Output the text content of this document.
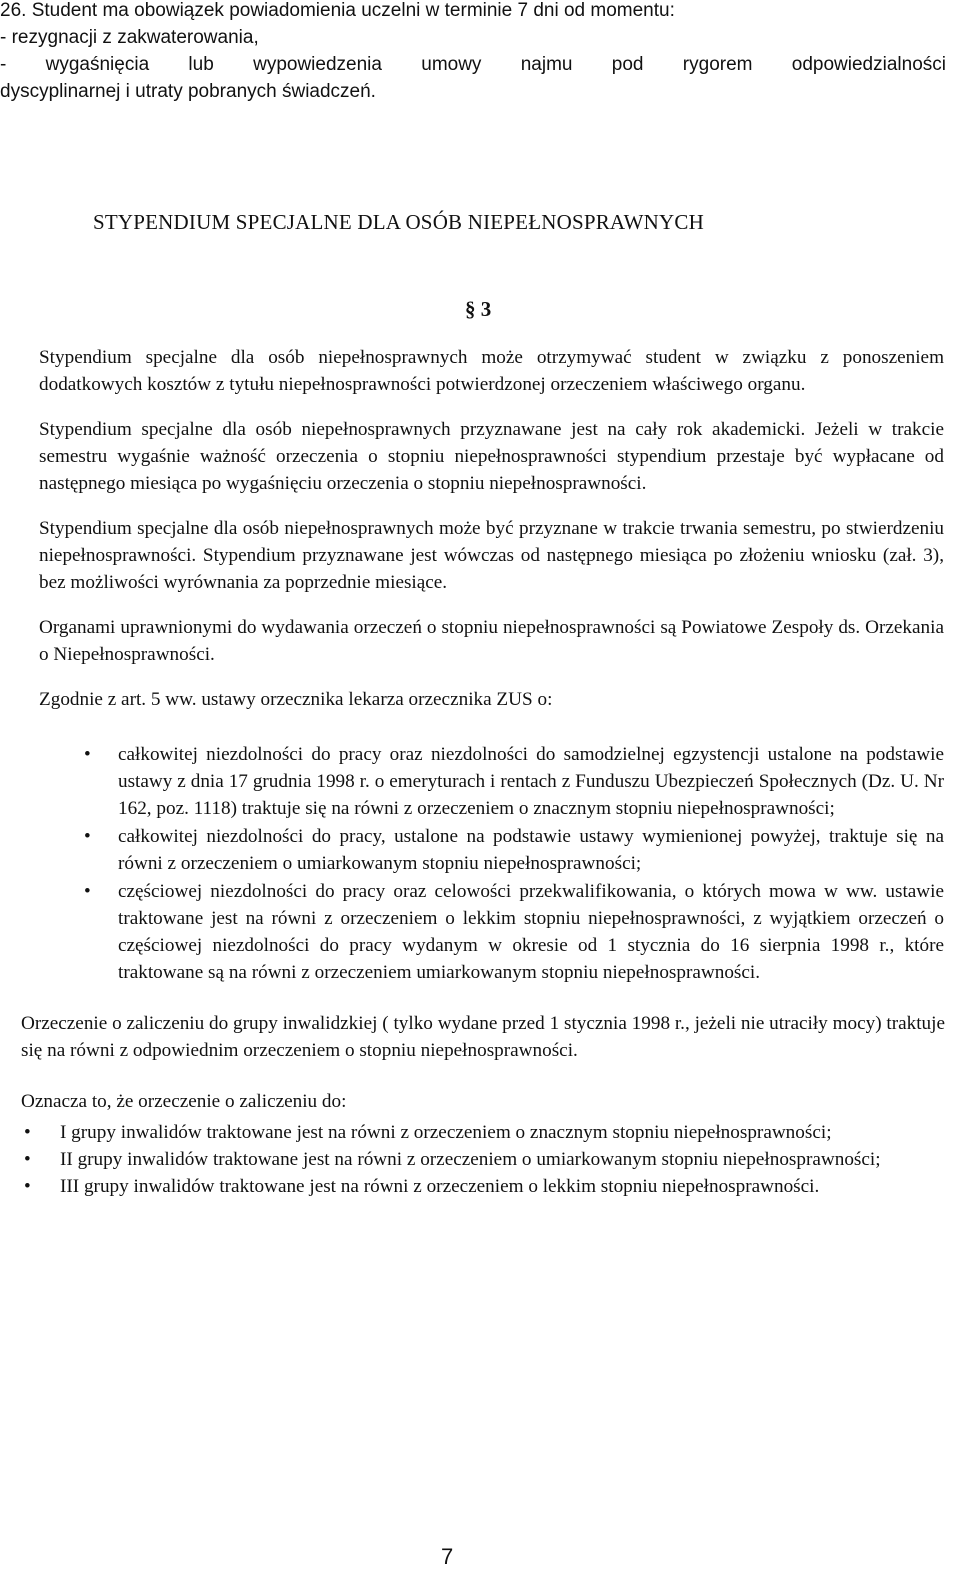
26. Student ma obowiązek powiadomienia uczelni w terminie 7 dni od momentu:

- rezygnacji z zakwaterowania,

- wygaśnięcia lub wypowiedzenia umowy najmu pod rygorem odpowiedzialności

dyscyplinarnej i utraty pobranych świadczeń.

STYPENDIUM SPECJALNE DLA OSÓB NIEPEŁNOSPRAWNYCH
§ 3

Stypendium specjalne dla osób niepełnosprawnych może otrzymywać student w związku z ponoszeniem dodatkowych kosztów z tytułu niepełnosprawności potwierdzonej orzeczeniem właściwego organu.

Stypendium specjalne dla osób niepełnosprawnych przyznawane jest na cały rok akademicki. Jeżeli w trakcie semestru wygaśnie ważność orzeczenia o stopniu niepełnosprawności stypendium przestaje być wypłacane od następnego miesiąca po wygaśnięciu orzeczenia o stopniu niepełnosprawności.

Stypendium specjalne dla osób niepełnosprawnych może być przyznane w trakcie trwania semestru, po stwierdzeniu niepełnosprawności. Stypendium przyznawane jest wówczas od następnego miesiąca po złożeniu wniosku (zał. 3), bez możliwości wyrównania za poprzednie miesiące.

Organami uprawnionymi do wydawania orzeczeń o stopniu niepełnosprawności są Powiatowe Zespoły ds. Orzekania o Niepełnosprawności.

Zgodnie z art. 5 ww. ustawy orzecznika lekarza orzecznika ZUS o:

• całkowitej niezdolności do pracy oraz niezdolności do samodzielnej egzystencji ustalone na podstawie ustawy z dnia 17 grudnia 1998 r. o emeryturach i rentach z Funduszu Ubezpieczeń Społecznych (Dz. U. Nr 162, poz. 1118) traktuje się na równi z orzeczeniem o znacznym stopniu niepełnosprawności;
• całkowitej niezdolności do pracy, ustalone na podstawie ustawy wymienionej powyżej, traktuje się na równi z orzeczeniem o umiarkowanym stopniu niepełnosprawności;
• częściowej niezdolności do pracy oraz celowości przekwalifikowania, o których mowa w ww. ustawie traktowane jest na równi z orzeczeniem o lekkim stopniu niepełnosprawności, z wyjątkiem orzeczeń o częściowej niezdolności do pracy wydanym w okresie od 1 stycznia do 16 sierpnia 1998 r., które traktowane są na równi z orzeczeniem umiarkowanym stopniu niepełnosprawności.

Orzeczenie o zaliczeniu do grupy inwalidzkiej ( tylko wydane przed 1 stycznia 1998 r., jeżeli nie utraciły mocy) traktuje się na równi z odpowiednim orzeczeniem o stopniu niepełnosprawności.

Oznacza to, że orzeczenie o zaliczeniu do:

• I grupy inwalidów traktowane jest na równi z orzeczeniem o znacznym stopniu niepełnosprawności;
• II grupy inwalidów traktowane jest na równi z orzeczeniem o umiarkowanym stopniu niepełnosprawności;
• III grupy inwalidów traktowane jest na równi z orzeczeniem o lekkim stopniu niepełnosprawności.
7
